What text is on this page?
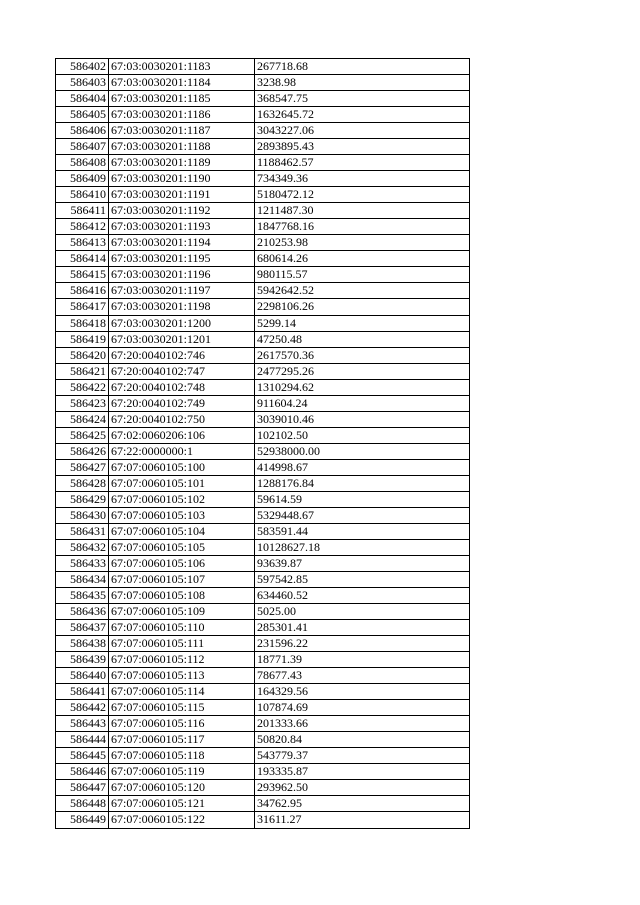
586402	67:03:0030201:1183	267718.68
586403	67:03:0030201:1184	3238.98
586404	67:03:0030201:1185	368547.75
586405	67:03:0030201:1186	1632645.72
586406	67:03:0030201:1187	3043227.06
586407	67:03:0030201:1188	2893895.43
586408	67:03:0030201:1189	1188462.57
586409	67:03:0030201:1190	734349.36
586410	67:03:0030201:1191	5180472.12
586411	67:03:0030201:1192	1211487.30
586412	67:03:0030201:1193	1847768.16
586413	67:03:0030201:1194	210253.98
586414	67:03:0030201:1195	680614.26
586415	67:03:0030201:1196	980115.57
586416	67:03:0030201:1197	5942642.52
586417	67:03:0030201:1198	2298106.26
586418	67:03:0030201:1200	5299.14
586419	67:03:0030201:1201	47250.48
586420	67:20:0040102:746	2617570.36
586421	67:20:0040102:747	2477295.26
586422	67:20:0040102:748	1310294.62
586423	67:20:0040102:749	911604.24
586424	67:20:0040102:750	3039010.46
586425	67:02:0060206:106	102102.50
586426	67:22:0000000:1	52938000.00
586427	67:07:0060105:100	414998.67
586428	67:07:0060105:101	1288176.84
586429	67:07:0060105:102	59614.59
586430	67:07:0060105:103	5329448.67
586431	67:07:0060105:104	583591.44
586432	67:07:0060105:105	10128627.18
586433	67:07:0060105:106	93639.87
586434	67:07:0060105:107	597542.85
586435	67:07:0060105:108	634460.52
586436	67:07:0060105:109	5025.00
586437	67:07:0060105:110	285301.41
586438	67:07:0060105:111	231596.22
586439	67:07:0060105:112	18771.39
586440	67:07:0060105:113	78677.43
586441	67:07:0060105:114	164329.56
586442	67:07:0060105:115	107874.69
586443	67:07:0060105:116	201333.66
586444	67:07:0060105:117	50820.84
586445	67:07:0060105:118	543779.37
586446	67:07:0060105:119	193335.87
586447	67:07:0060105:120	293962.50
586448	67:07:0060105:121	34762.95
586449	67:07:0060105:122	31611.27
